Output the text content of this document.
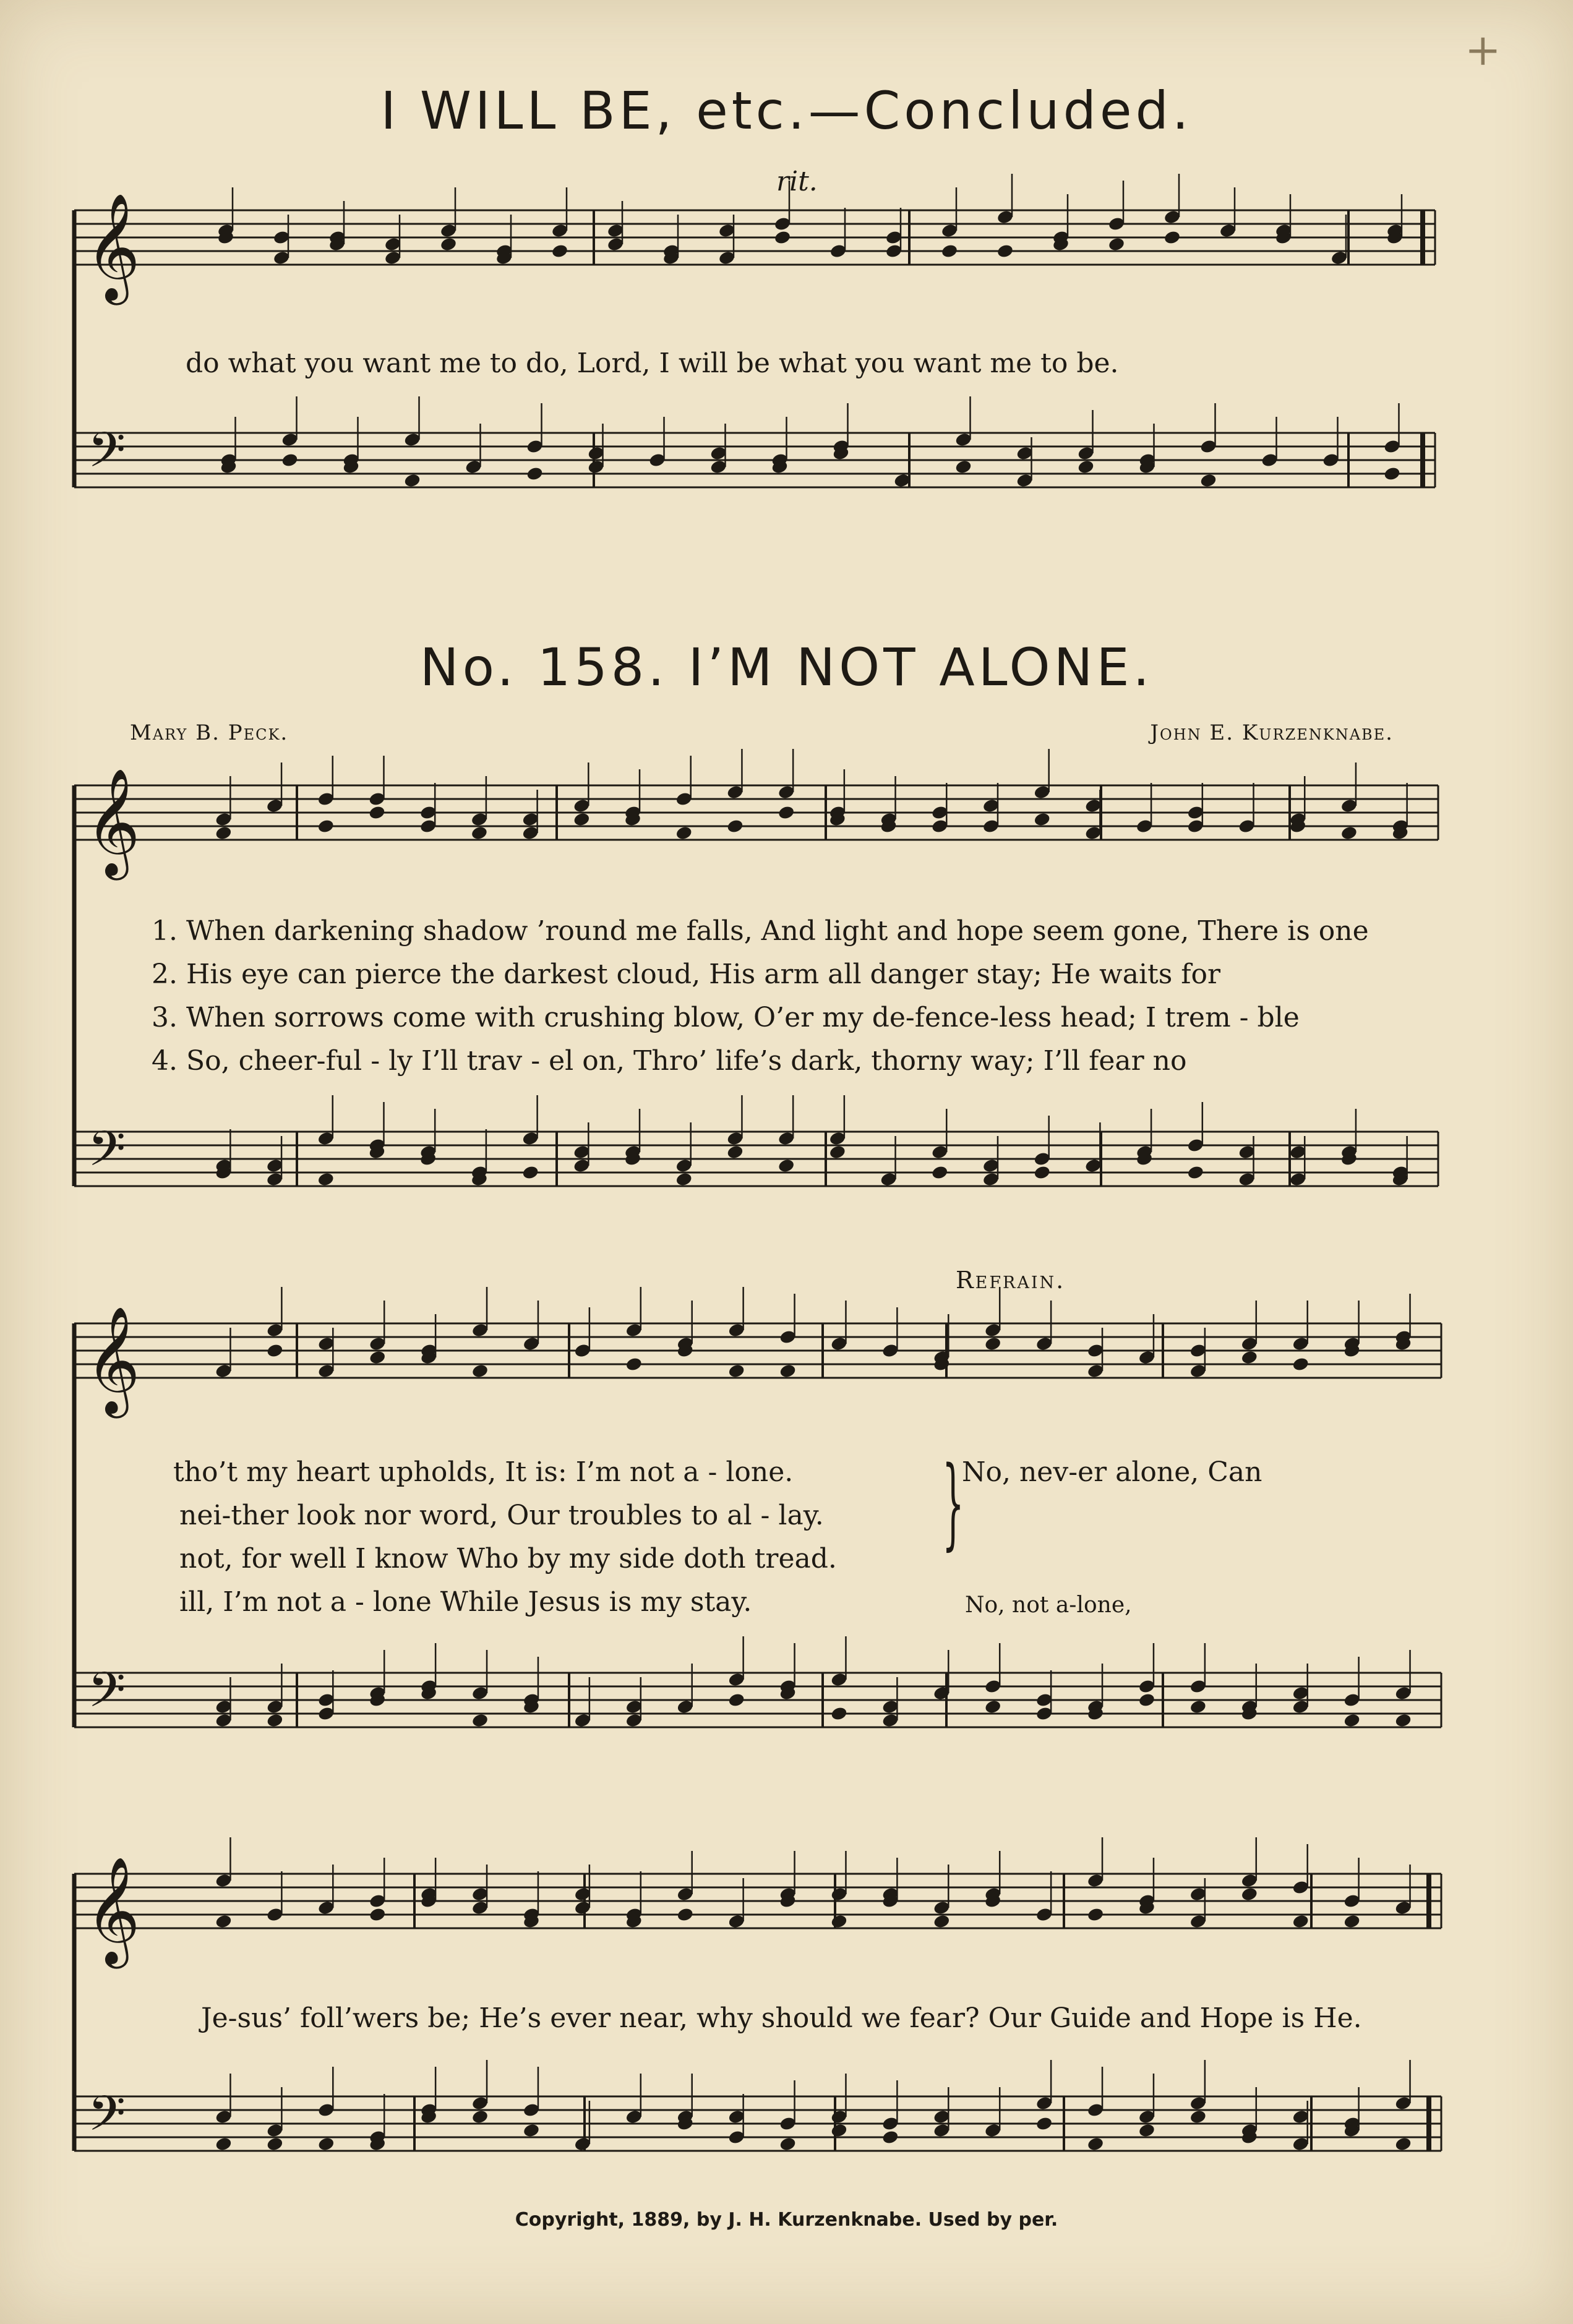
+
I WILL BE, etc.—Concluded.
rit.
No. 158. I’M NOT ALONE.
Mary B. Peck.	John E. Kurzenknabe.
do what you want me to do, Lord, I will be what you want me to be.
1. When darkening shadow ’round me falls, And light and hope seem gone, There is one
2. His eye can pierce the darkest cloud, His arm all danger stay; He waits for
3. When sorrows come with crushing blow, O’er my de-fence-less head; I trem - ble
4. So, cheer-ful - ly I’ll trav - el on, Thro’ life’s dark, thorny way; I’ll fear no
Refrain.
tho’t my heart upholds, It is: I’m not a - lone.
nei-ther look nor word, Our troubles to al - lay.
not, for well I know Who by my side doth tread.
ill, I’m not a - lone While Jesus is my stay.
}
No, nev-er alone, Can
No, not a-lone,
Je-sus’ foll’wers be; He’s ever near, why should we fear? Our Guide and Hope is He.
Copyright, 1889, by J. H. Kurzenknabe. Used by per.
𝄞
𝄢
𝄞
𝄢
𝄞
𝄢
𝄞
𝄢
